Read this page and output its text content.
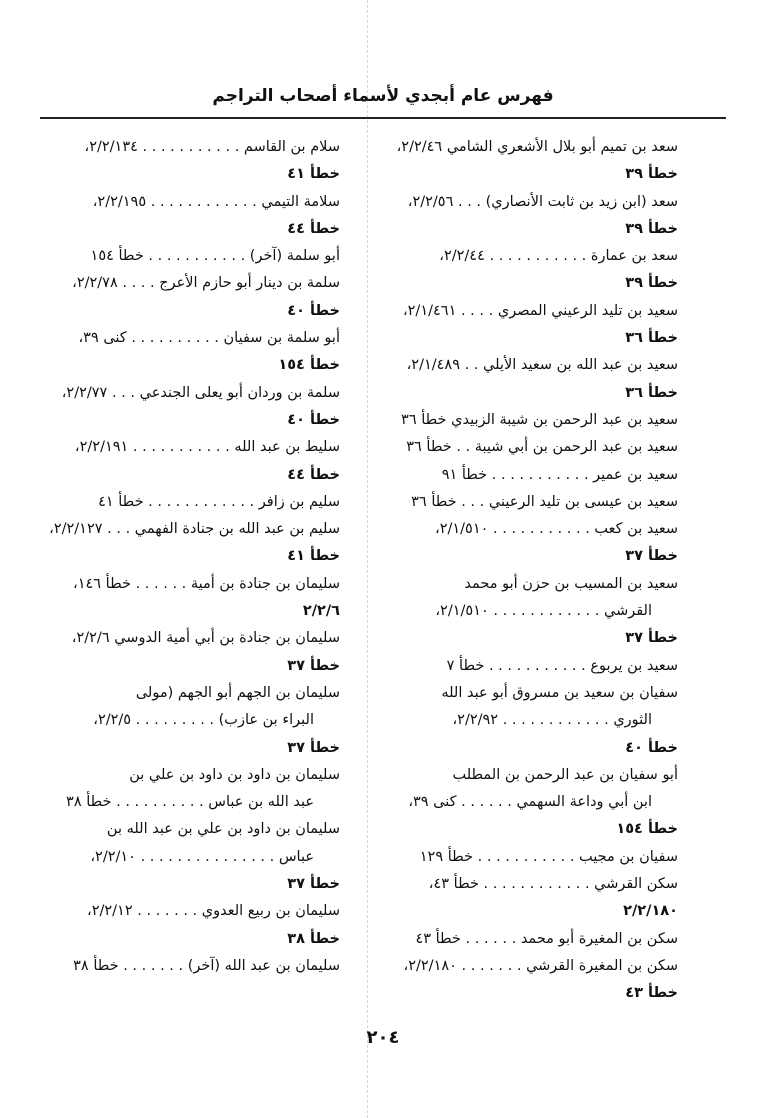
فهرس عام أبجدي لأسماء أصحاب التراجم
سعد بن تميم أبو بلال الأشعري الشامي ٢/٢/٤٦،
خطأ ٣٩
سعد (ابن زيد بن ثابت الأنصاري) . . . ٢/٢/٥٦،
خطأ ٣٩
سعد بن عمارة . . . . . . . . . . . ٢/٢/٤٤،
خطأ ٣٩
سعيد بن تليد الرعيني المصري . . . . ٢/١/٤٦١،
خطأ ٣٦
سعيد بن عبد الله بن سعيد الأيلي . . ٢/١/٤٨٩،
خطأ ٣٦
سعيد بن عبد الرحمن بن شيبة الزبيدي خطأ ٣٦
سعيد بن عبد الرحمن بن أبي شيبة . . خطأ ٣٦
سعيد بن عمير . . . . . . . . . . . خطأ ٩١
سعيد بن عيسى بن تليد الرعيني . . . خطأ ٣٦
سعيد بن كعب . . . . . . . . . . . ٢/١/٥١٠،
خطأ ٣٧
سعيد بن المسيب بن حزن أبو محمد
القرشي . . . . . . . . . . . . ٢/١/٥١٠،
خطأ ٣٧
سعيد بن يربوع . . . . . . . . . . . خطأ ٧
سفيان بن سعيد بن مسروق أبو عبد الله
الثوري . . . . . . . . . . . . ٢/٢/٩٢،
خطأ ٤٠
أبو سفيان بن عبد الرحمن بن المطلب
ابن أبي وداعة السهمي . . . . . . كنى ٣٩،
خطأ ١٥٤
سفيان بن مجيب . . . . . . . . . . . خطأ ١٢٩
سكن القرشي . . . . . . . . . . . . خطأ ٤٣،
٢/٢/١٨٠
سكن بن المغيرة أبو محمد . . . . . . خطأ ٤٣
سكن بن المغيرة القرشي . . . . . . . ٢/٢/١٨٠،
خطأ ٤٣
سلام بن القاسم . . . . . . . . . . . ٢/٢/١٣٤،
خطأ ٤١
سلامة التيمي . . . . . . . . . . . . ٢/٢/١٩٥،
خطأ ٤٤
أبو سلمة (آخر) . . . . . . . . . . . خطأ ١٥٤
سلمة بن دينار أبو حازم الأعرج . . . . ٢/٢/٧٨،
خطأ ٤٠
أبو سلمة بن سفيان . . . . . . . . . . كنى ٣٩،
خطأ ١٥٤
سلمة بن وردان أبو يعلى الجندعي . . . ٢/٢/٧٧،
خطأ ٤٠
سليط بن عبد الله . . . . . . . . . . . ٢/٢/١٩١،
خطأ ٤٤
سليم بن زافر . . . . . . . . . . . . خطأ ٤١
سليم بن عبد الله بن جنادة الفهمي . . . ٢/٢/١٢٧،
خطأ ٤١
سليمان بن جنادة بن أمية . . . . . . خطأ ١٤٦،
٢/٢/٦
سليمان بن جنادة بن أبي أمية الدوسي ٢/٢/٦،
خطأ ٣٧
سليمان بن الجهم أبو الجهم (مولى
البراء بن عازب) . . . . . . . . . ٢/٢/٥،
خطأ ٣٧
سليمان بن داود بن داود بن علي بن
عبد الله بن عباس . . . . . . . . . . خطأ ٣٨
سليمان بن داود بن علي بن عبد الله بن
عباس . . . . . . . . . . . . . . . ٢/٢/١٠،
خطأ ٣٧
سليمان بن ربيع العدوي . . . . . . . ٢/٢/١٢،
خطأ ٣٨
سليمان بن عبد الله (آخر) . . . . . . . خطأ ٣٨
٢٠٤
